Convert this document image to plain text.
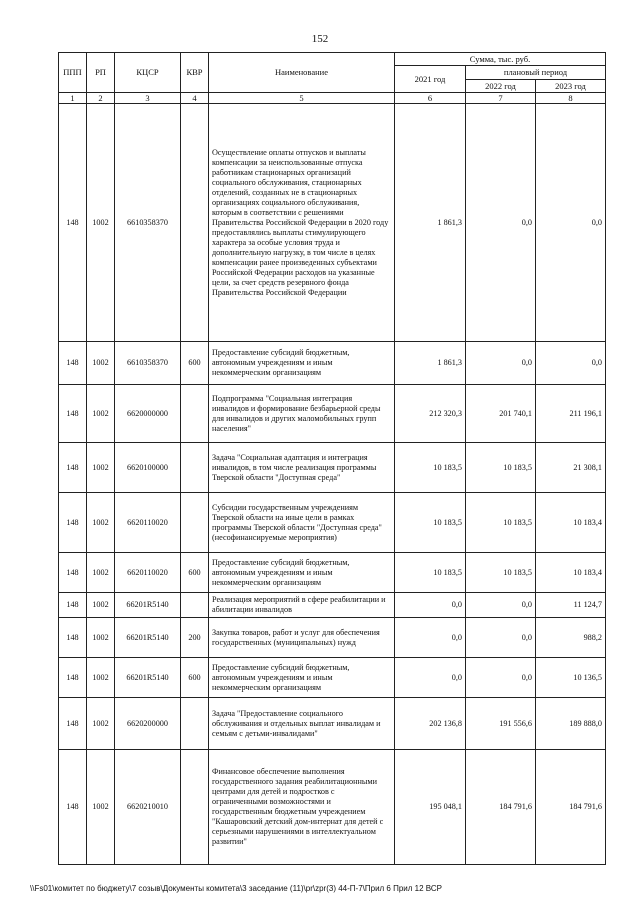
152
ППП	РП	КЦСР	КВР	Наименование	Сумма, тыс. руб.		
					2021 год	плановый период	
						2022 год	2023 год
1	2	3	4	5	6	7	8
148	1002	6610358370		Осуществление оплаты отпусков и выплаты компенсации за неиспользованные отпуска работникам стационарных организаций социального обслуживания, стационарных отделений, созданных не в стационарных организациях социального обслуживания, которым в соответствии с решениями Правительства Российской Федерации в 2020 году предоставлялись выплаты стимулирующего характера за особые условия труда и дополнительную нагрузку, в том числе в целях компенсации ранее произведенных субъектами Российской Федерации расходов на указанные цели, за счет средств резервного фонда Правительства Российской Федерации	1 861,3	0,0	0,0
148	1002	6610358370	600	Предоставление субсидий бюджетным, автономным учреждениям и иным некоммерческим организациям	1 861,3	0,0	0,0
148	1002	6620000000		Подпрограмма "Социальная интеграция инвалидов и формирование безбарьерной среды для инвалидов и других маломобильных групп населения"	212 320,3	201 740,1	211 196,1
148	1002	6620100000		Задача "Социальная адаптация и интеграция инвалидов, в том числе реализация программы Тверской области "Доступная среда"	10 183,5	10 183,5	21 308,1
148	1002	6620110020		Субсидии государственным учреждениям Тверской области на иные цели в рамках программы Тверской области "Доступная среда" (несофинансируемые мероприятия)	10 183,5	10 183,5	10 183,4
148	1002	6620110020	600	Предоставление субсидий бюджетным, автономным учреждениям и иным некоммерческим организациям	10 183,5	10 183,5	10 183,4
148	1002	66201R5140		Реализация мероприятий в сфере реабилитации и абилитации инвалидов	0,0	0,0	11 124,7
148	1002	66201R5140	200	Закупка товаров, работ и услуг для обеспечения государственных (муниципальных) нужд	0,0	0,0	988,2
148	1002	66201R5140	600	Предоставление субсидий бюджетным, автономным учреждениям и иным некоммерческим организациям	0,0	0,0	10 136,5
148	1002	6620200000		Задача "Предоставление социального обслуживания и отдельных выплат инвалидам и семьям с детьми-инвалидами"	202 136,8	191 556,6	189 888,0
148	1002	6620210010		Финансовое обеспечение выполнения государственного задания реабилитационными центрами для детей и подростков с ограниченными возможностями и государственным бюджетным учреждением "Кашаровский детский дом-интернат для детей с серьезными нарушениями в интеллектуальном развитии"	195 048,1	184 791,6	184 791,6
\\Fs01\комитет по бюджету\7 созыв\Документы комитета\3 заседание (11)\pr\zpr(3) 44-П-7\Прил 6 Прил 12 ВСР
